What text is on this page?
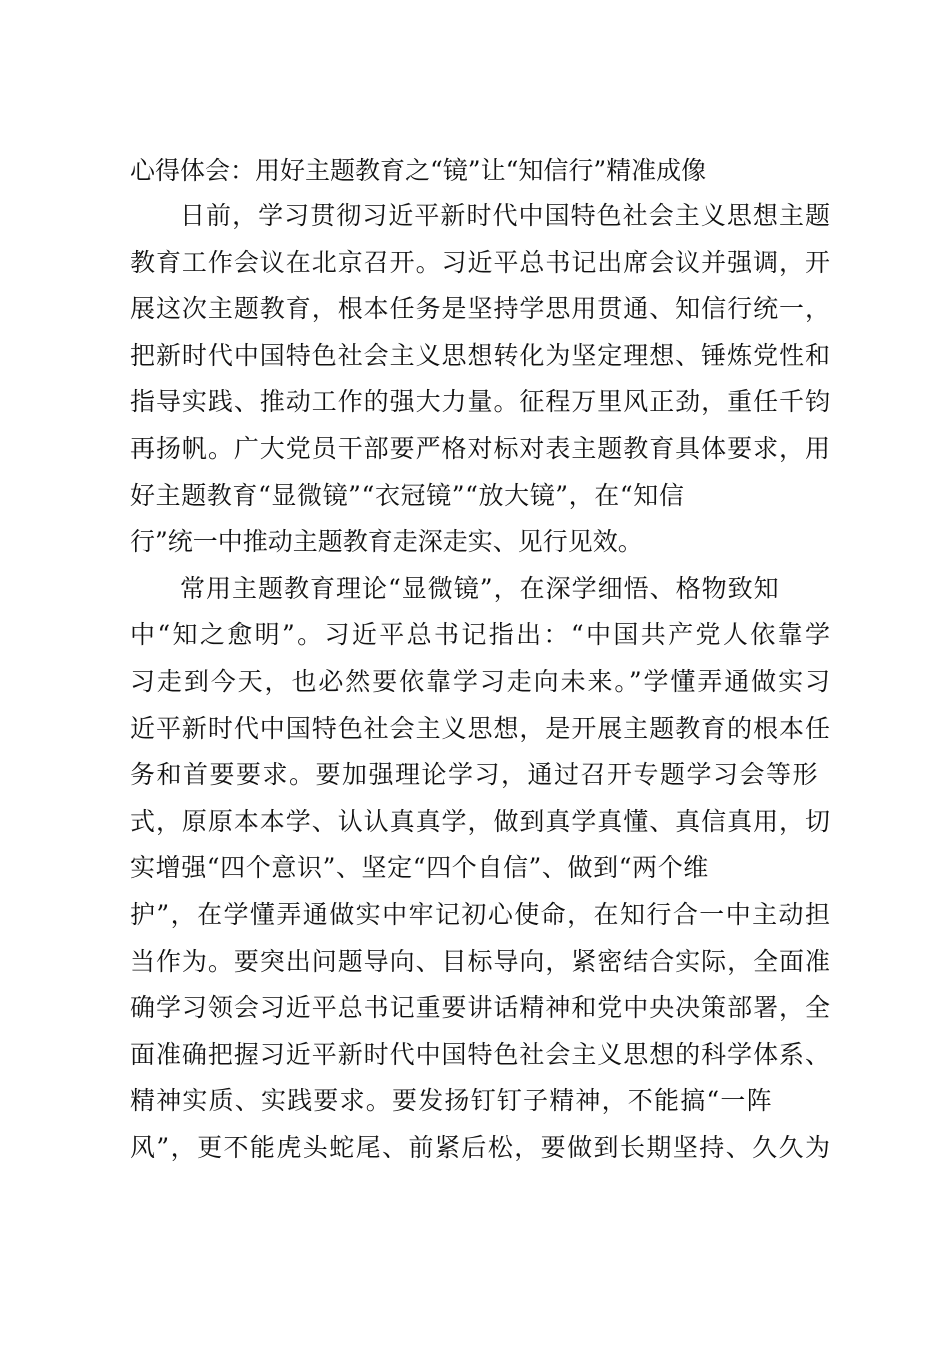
心得体会：用好主题教育之“镜”让“知信行”精准成像
日前，学习贯彻习近平新时代中国特色社会主义思想主题
教育工作会议在北京召开。习近平总书记出席会议并强调，开
展这次主题教育，根本任务是坚持学思用贯通、知信行统一，
把新时代中国特色社会主义思想转化为坚定理想、锤炼党性和
指导实践、推动工作的强大力量。征程万里风正劲，重任千钧
再扬帆。广大党员干部要严格对标对表主题教育具体要求，用
好主题教育“显微镜”“衣冠镜”“放大镜”，在“知信
行”统一中推动主题教育走深走实、见行见效。
常用主题教育理论“显微镜”，在深学细悟、格物致知
中“知之愈明”。习近平总书记指出：“中国共产党人依靠学
习走到今天，也必然要依靠学习走向未来。”学懂弄通做实习
近平新时代中国特色社会主义思想，是开展主题教育的根本任
务和首要要求。要加强理论学习，通过召开专题学习会等形
式，原原本本学、认认真真学，做到真学真懂、真信真用，切
实增强“四个意识”、坚定“四个自信”、做到“两个维
护”，在学懂弄通做实中牢记初心使命，在知行合一中主动担
当作为。要突出问题导向、目标导向，紧密结合实际，全面准
确学习领会习近平总书记重要讲话精神和党中央决策部署，全
面准确把握习近平新时代中国特色社会主义思想的科学体系、
精神实质、实践要求。要发扬钉钉子精神，不能搞“一阵
风”，更不能虎头蛇尾、前紧后松，要做到长期坚持、久久为
